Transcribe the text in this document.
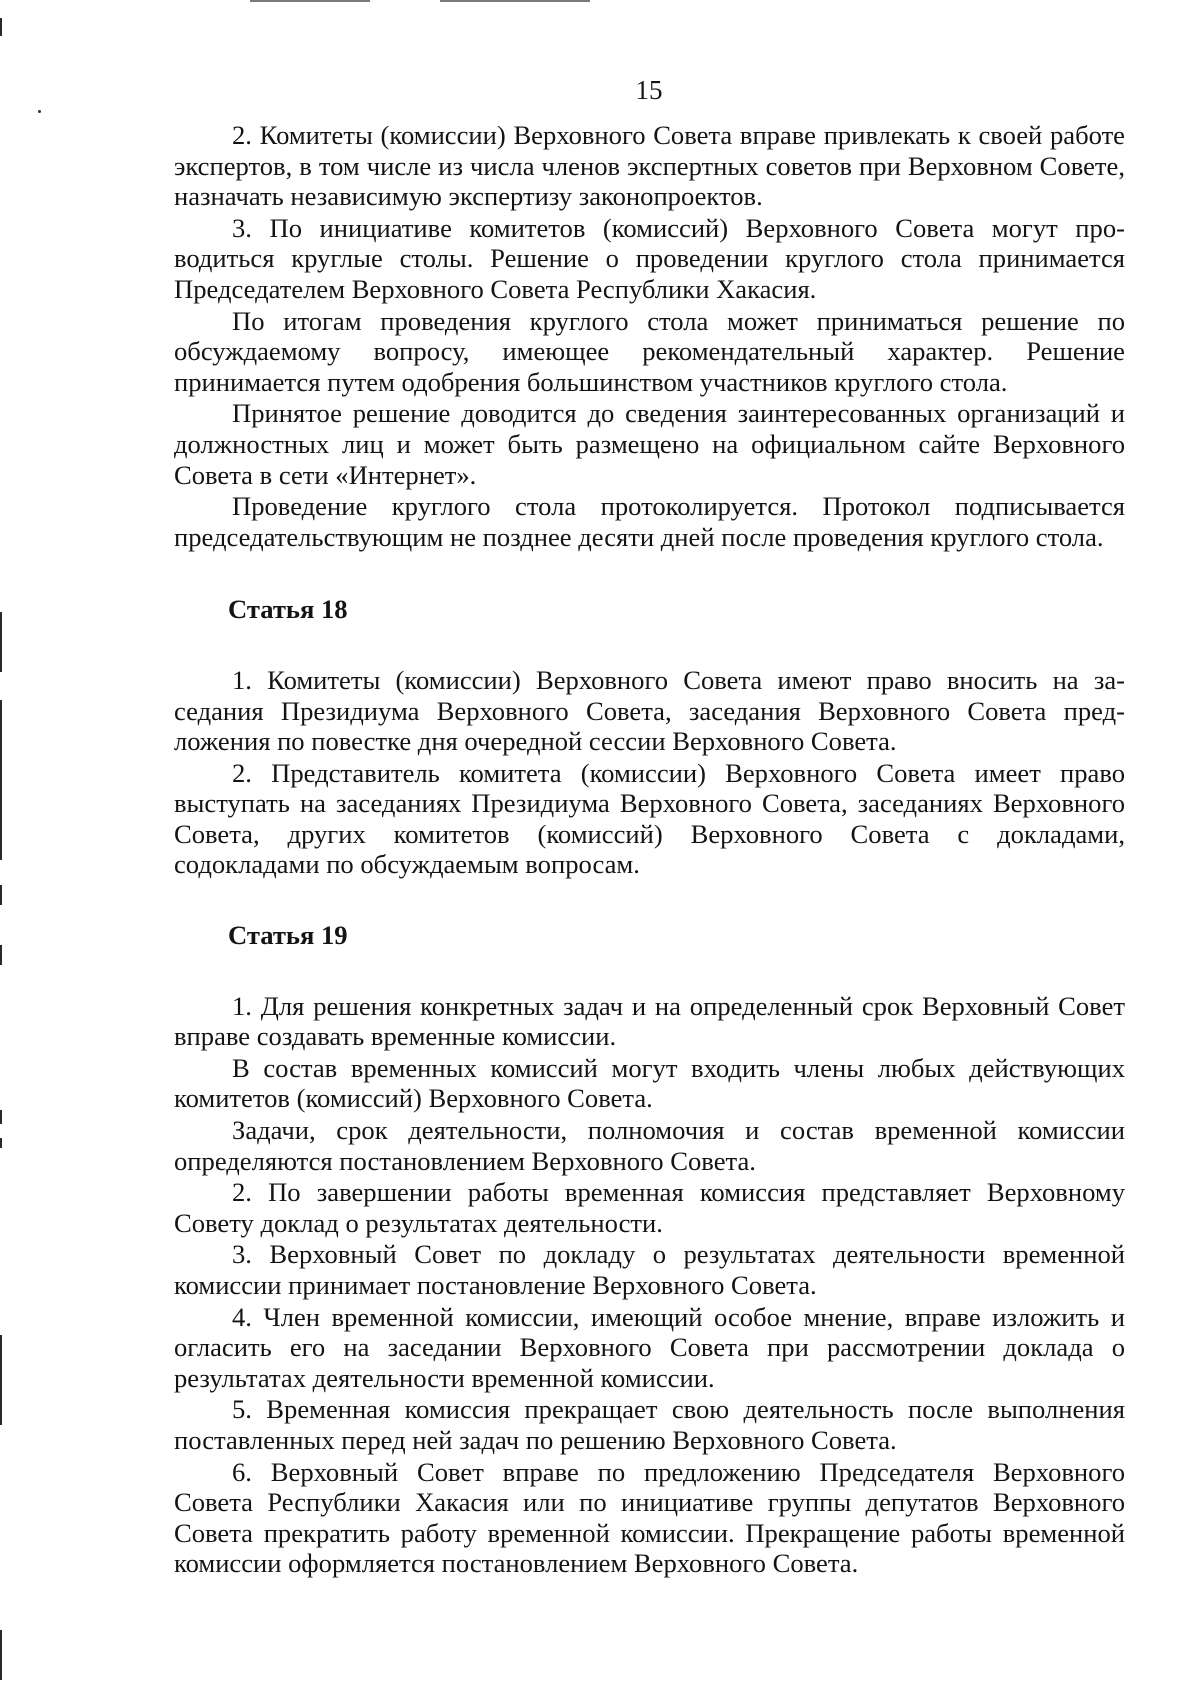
15

2. Комитеты (комиссии) Верховного Совета вправе привлекать к своей работе экспертов, в том числе из числа членов экспертных советов при Верховном Совете, назначать независимую экспертизу законопроектов.

3. По инициативе комитетов (комиссий) Верховного Совета могут проводиться круглые столы. Решение о проведении круглого стола принимается Председателем Верховного Совета Республики Хакасия.

По итогам проведения круглого стола может приниматься решение по обсуждаемому вопросу, имеющее рекомендательный характер. Решение принимается путем одобрения большинством участников круглого стола.

Принятое решение доводится до сведения заинтересованных организаций и должностных лиц и может быть размещено на официальном сайте Верховного Совета в сети «Интернет».

Проведение круглого стола протоколируется. Протокол подписывается председательствующим не позднее десяти дней после проведения круглого стола.

Статья 18

1. Комитеты (комиссии) Верховного Совета имеют право вносить на заседания Президиума Верховного Совета, заседания Верховного Совета предложения по повестке дня очередной сессии Верховного Совета.

2. Представитель комитета (комиссии) Верховного Совета имеет право выступать на заседаниях Президиума Верховного Совета, заседаниях Верховного Совета, других комитетов (комиссий) Верховного Совета с докладами, содокладами по обсуждаемым вопросам.

Статья 19

1. Для решения конкретных задач и на определенный срок Верховный Совет вправе создавать временные комиссии.

В состав временных комиссий могут входить члены любых действующих комитетов (комиссий) Верховного Совета.

Задачи, срок деятельности, полномочия и состав временной комиссии определяются постановлением Верховного Совета.

2. По завершении работы временная комиссия представляет Верховному Совету доклад о результатах деятельности.

3. Верховный Совет по докладу о результатах деятельности временной комиссии принимает постановление Верховного Совета.

4. Член временной комиссии, имеющий особое мнение, вправе изложить и огласить его на заседании Верховного Совета при рассмотрении доклада о результатах деятельности временной комиссии.

5. Временная комиссия прекращает свою деятельность после выполнения поставленных перед ней задач по решению Верховного Совета.

6. Верховный Совет вправе по предложению Председателя Верховного Совета Республики Хакасия или по инициативе группы депутатов Верховного Совета прекратить работу временной комиссии. Прекращение работы временной комиссии оформляется постановлением Верховного Совета.
